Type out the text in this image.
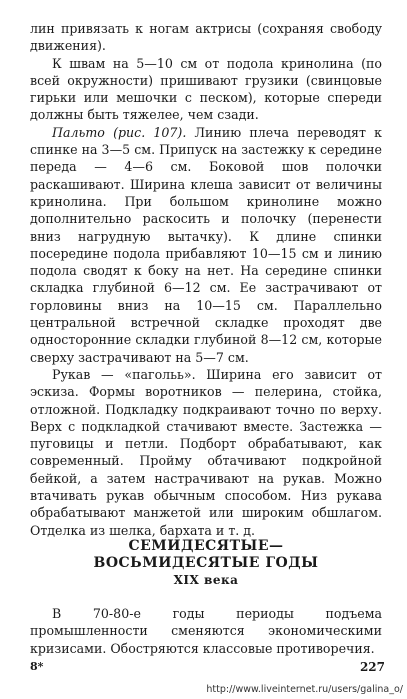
лин привязать к ногам актрисы (сохраняя свободу движения).

К швам на 5—10 см от подола кринолина (по всей окружности) пришивают грузики (свинцовые гирьки или мешочки с песком), которые спереди должны быть тяжелее, чем сзади.

Пальто (рис. 107). Линию плеча переводят к спинке на 3—5 см. Припуск на застежку к середине переда — 4—6 см. Боковой шов полочки раскашивают. Ширина клеша зависит от величины кринолина. При большом кринолине можно дополнительно раскосить и полочку (перенести вниз нагрудную вытачку). К длине спинки посередине подола прибавляют 10—15 см и линию подола сводят к боку на нет. На середине спинки складка глубиной 6—12 см. Ее застрачивают от горловины вниз на 10—15 см. Параллельно центральной встречной складке проходят две односторонние складки глубиной 8—12 см, которые сверху застрачивают на 5—7 см.

Рукав — «пагольь». Ширина его зависит от эскиза. Формы воротников — пелерина, стойка, отложной. Подкладку подкраивают точно по верху. Верх с подкладкой стачивают вместе. Застежка — пуговицы и петли. Подборт обрабатывают, как современный. Пройму обтачивают подкройной бейкой, а затем настрачивают на рукав. Можно втачивать рукав обычным способом. Низ рукава обрабатывают манжетой или широким обшлагом. Отделка из шелка, бархата и т. д.

СЕМИДЕСЯТЫЕ—
ВОСЬМИДЕСЯТЫЕ ГОДЫ
XIX века

В 70-80-е годы периоды подъема промышленности сменяются экономическими кризисами. Обостряются классовые противоречия.

8*	227
http://www.liveinternet.ru/users/galina_o/
